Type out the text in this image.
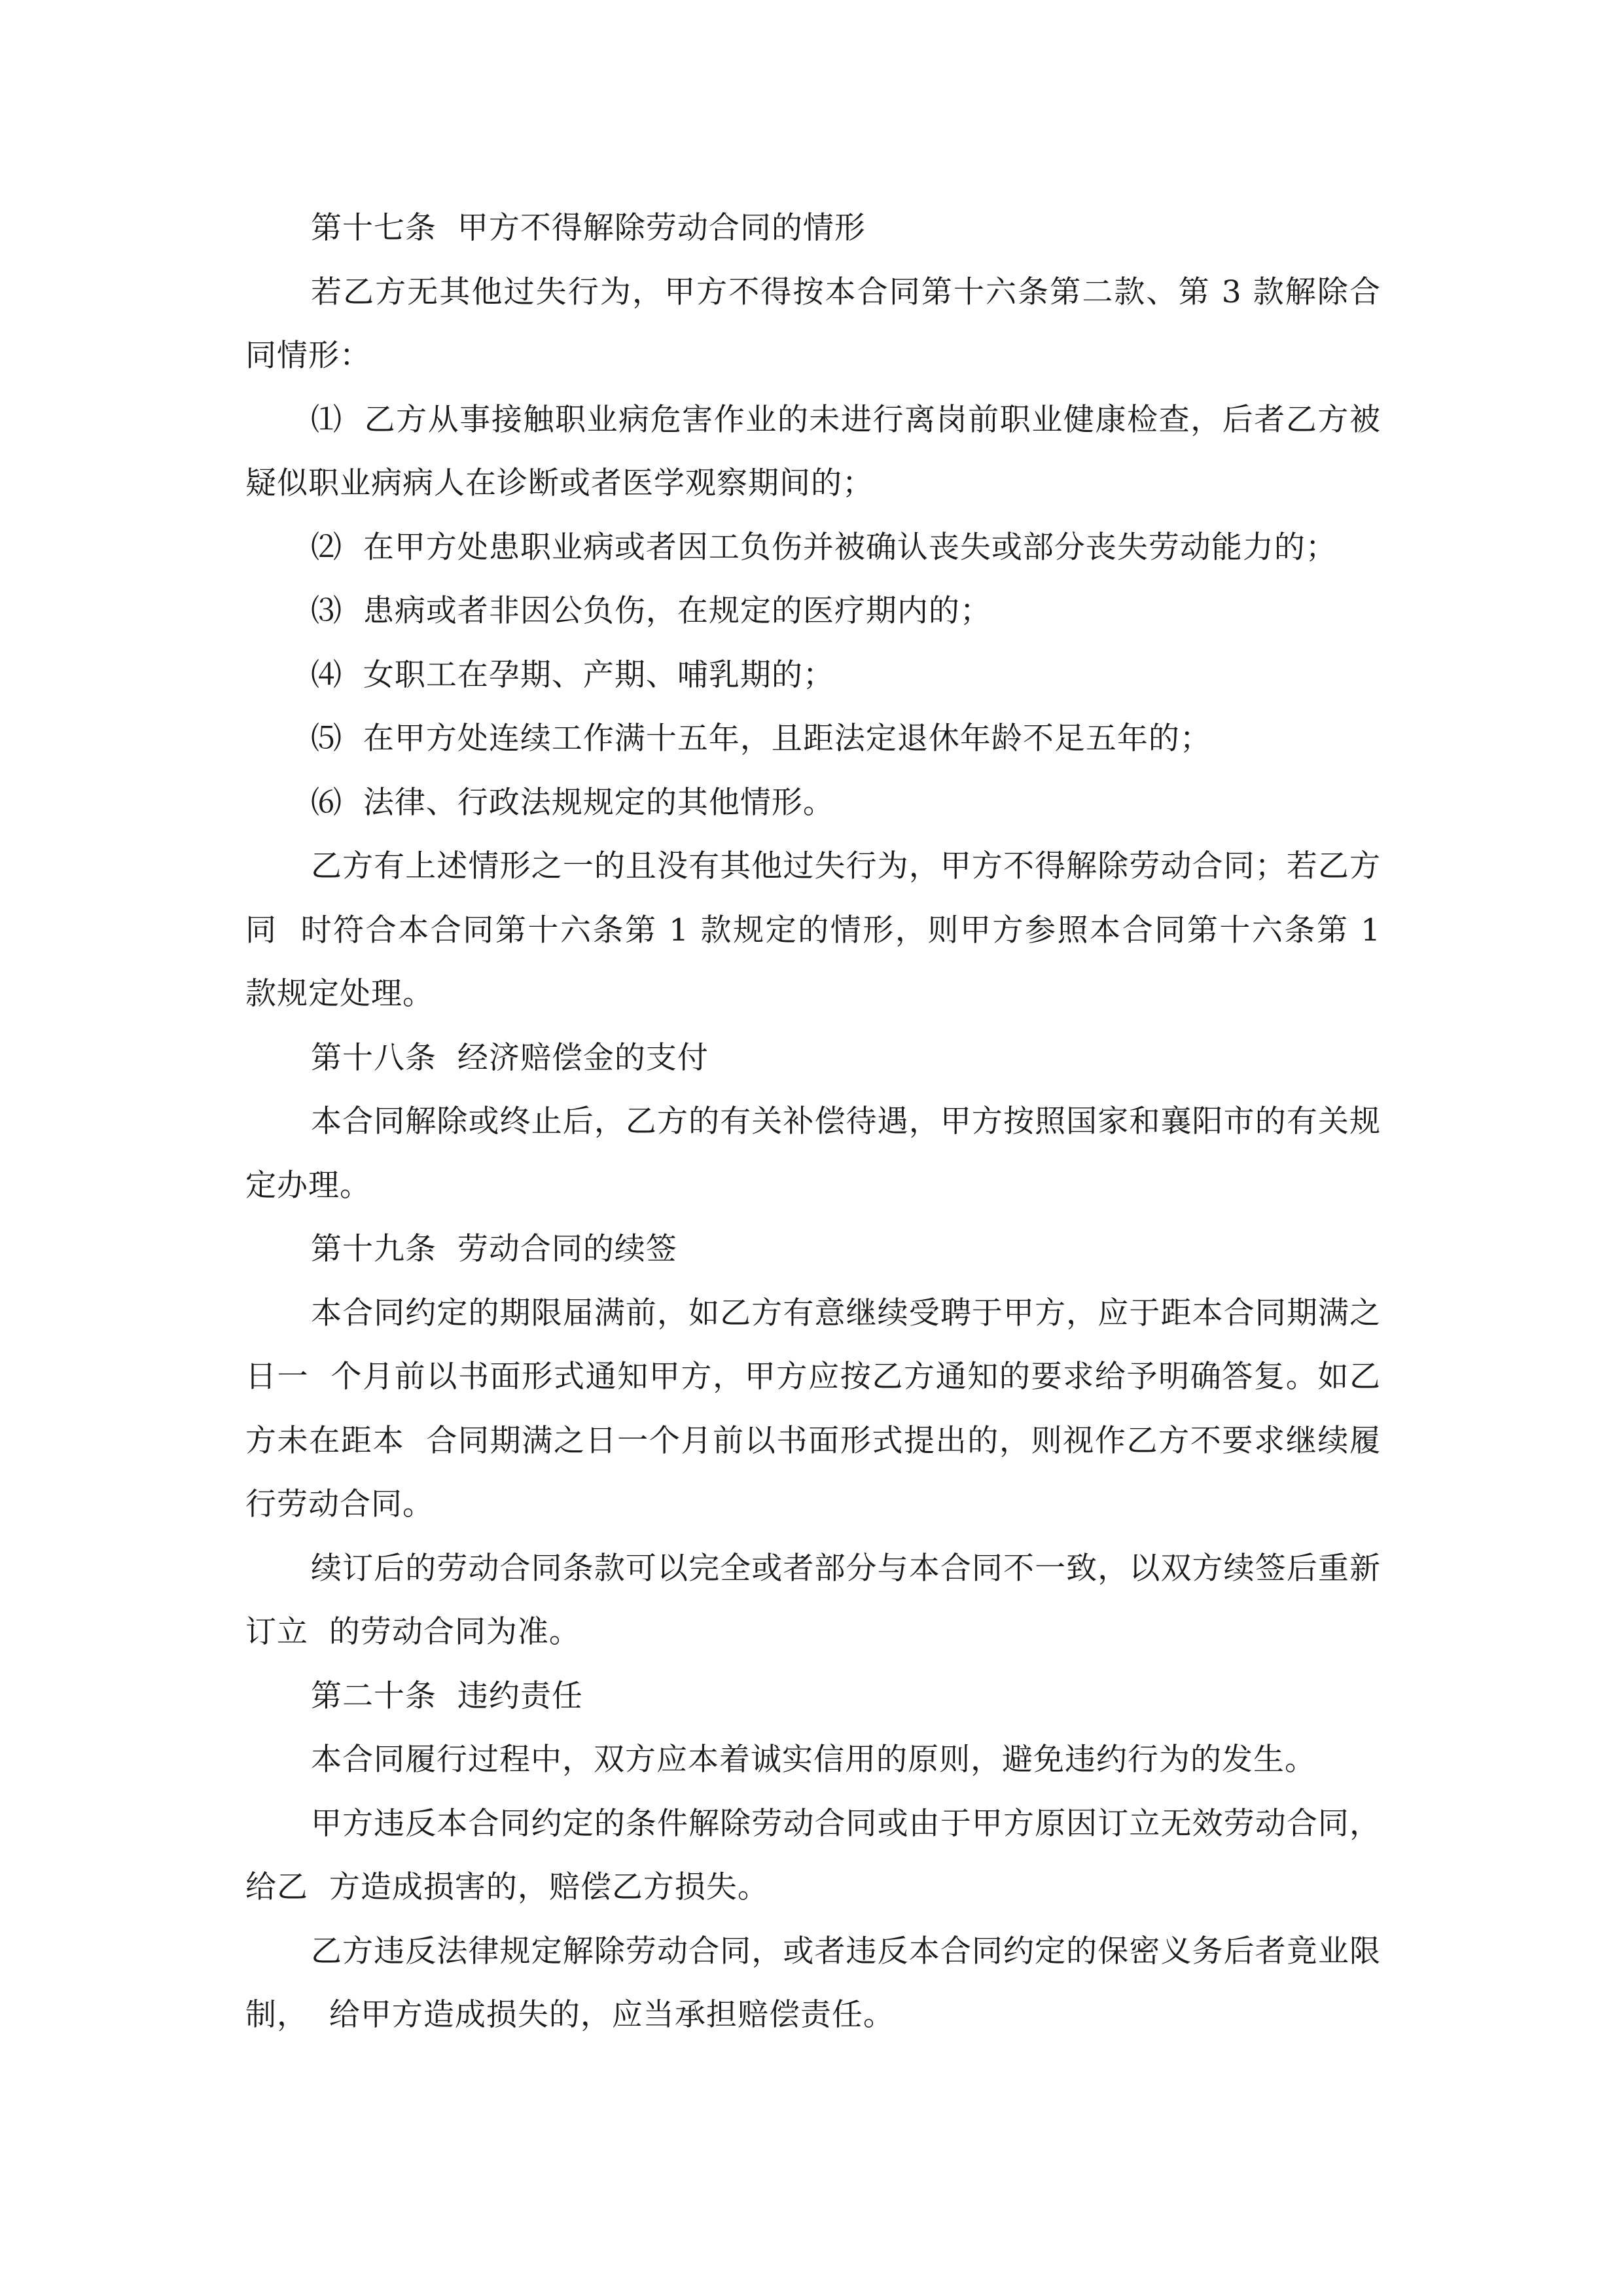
第十七条  甲方不得解除劳动合同的情形

若乙方无其他过失行为，甲方不得按本合同第十六条第二款、第 3 款解除合同情形：

⑴  乙方从事接触职业病危害作业的未进行离岗前职业健康检查，后者乙方被疑似职业病病人在诊断或者医学观察期间的；

⑵  在甲方处患职业病或者因工负伤并被确认丧失或部分丧失劳动能力的；

⑶  患病或者非因公负伤，在规定的医疗期内的；

⑷  女职工在孕期、产期、哺乳期的；

⑸  在甲方处连续工作满十五年，且距法定退休年龄不足五年的；

⑹  法律、行政法规规定的其他情形。

乙方有上述情形之一的且没有其他过失行为，甲方不得解除劳动合同；若乙方同  时符合本合同第十六条第 1 款规定的情形，则甲方参照本合同第十六条第 1 款规定处理。

第十八条  经济赔偿金的支付

本合同解除或终止后，乙方的有关补偿待遇，甲方按照国家和襄阳市的有关规定办理。

第十九条  劳动合同的续签

本合同约定的期限届满前，如乙方有意继续受聘于甲方，应于距本合同期满之日一  个月前以书面形式通知甲方，甲方应按乙方通知的要求给予明确答复。如乙方未在距本  合同期满之日一个月前以书面形式提出的，则视作乙方不要求继续履行劳动合同。

续订后的劳动合同条款可以完全或者部分与本合同不一致，以双方续签后重新订立  的劳动合同为准。

第二十条  违约责任

本合同履行过程中，双方应本着诚实信用的原则，避免违约行为的发生。

甲方违反本合同约定的条件解除劳动合同或由于甲方原因订立无效劳动合同，给乙  方造成损害的，赔偿乙方损失。

乙方违反法律规定解除劳动合同，或者违反本合同约定的保密义务后者竟业限制，  给甲方造成损失的，应当承担赔偿责任。
